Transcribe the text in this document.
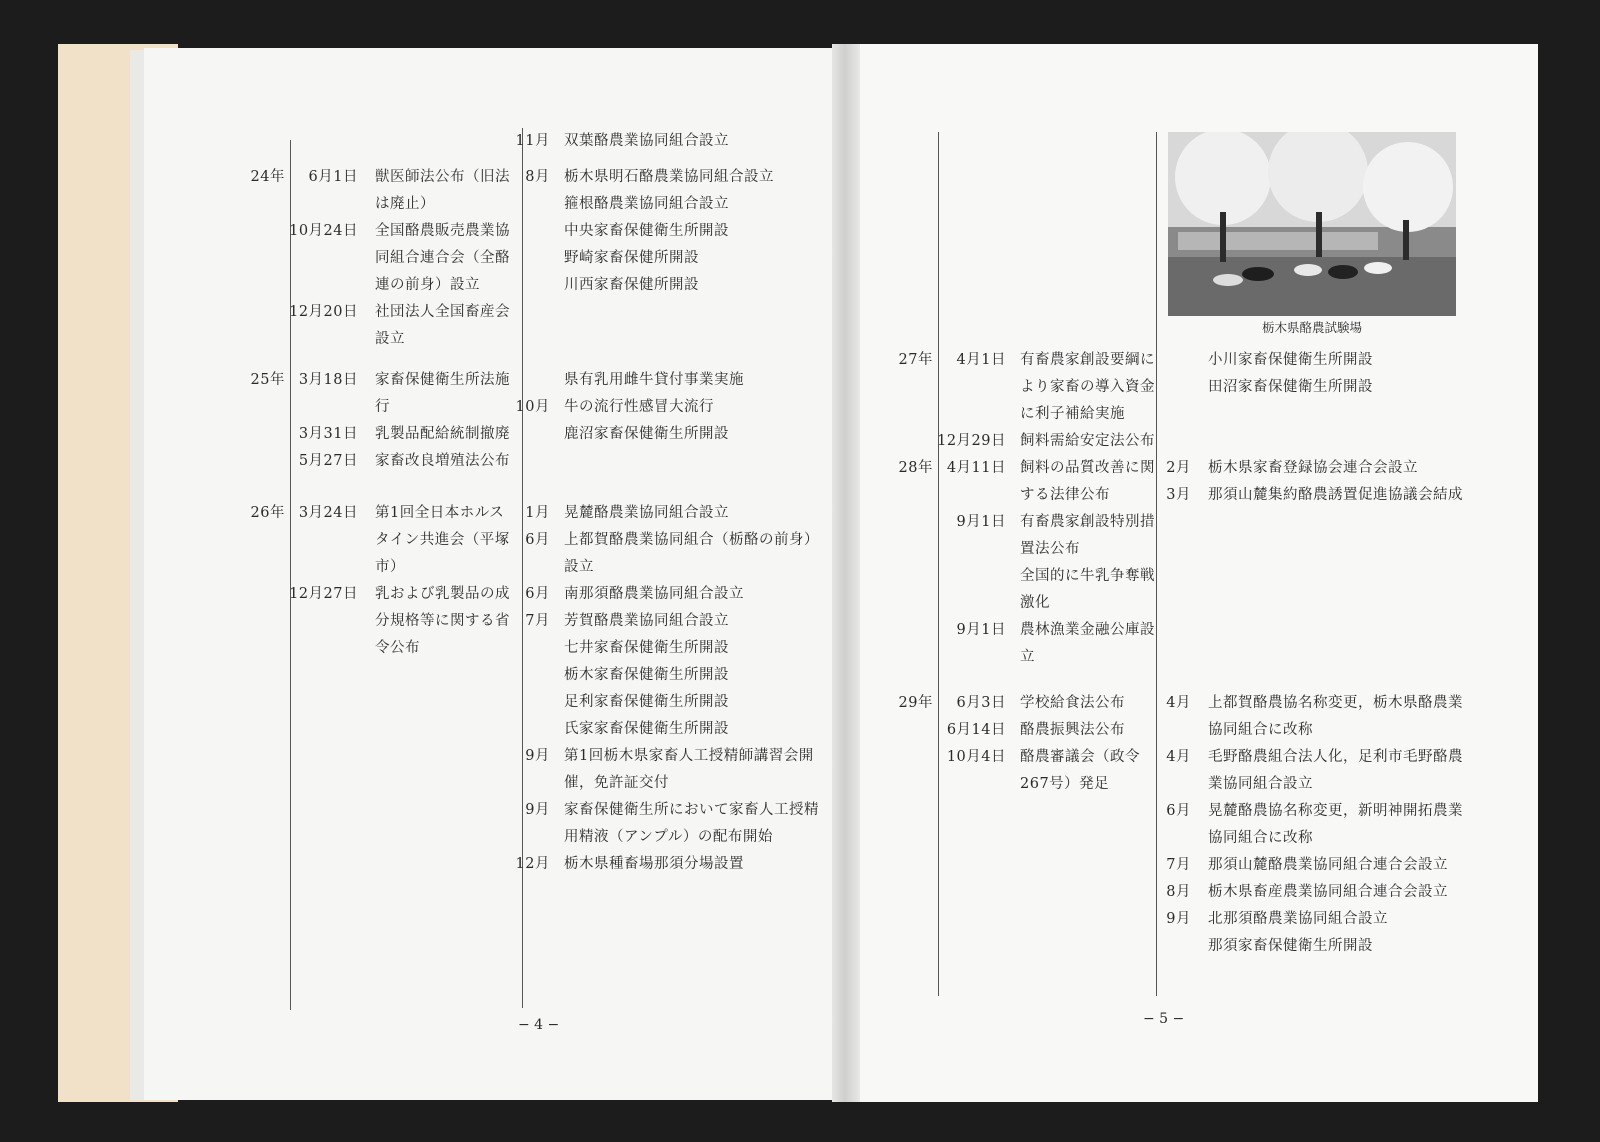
11月 双葉酪農業協同組合設立
24年 6月1日 獣医師法公布（旧法 8月 栃木県明石酪農業協同組合設立
は廃止）	箍根酪農業協同組合設立
10月24日 全国酪農販売農業協	中央家畜保健衛生所開設
同組合連合会（全酪	野崎家畜保健所開設
連の前身）設立	川西家畜保健所開設
12月20日 社団法人全国畜産会
設立
25年 3月18日 家畜保健衛生所法施	県有乳用雌牛貸付事業実施
行	10月 牛の流行性感冒大流行
3月31日 乳製品配給統制撤廃	鹿沼家畜保健衛生所開設
5月27日 家畜改良増殖法公布
26年 3月24日 第1回全日本ホルス 1月 晃麓酪農業協同組合設立
タイン共進会（平塚 6月 上都賀酪農業協同組合（栃酪の前身）
市）	設立
12月27日 乳および乳製品の成 6月 南那須酪農業協同組合設立
分規格等に関する省 7月 芳賀酪農業協同組合設立
令公布	七井家畜保健衛生所開設
栃木家畜保健衛生所開設
足利家畜保健衛生所開設
氏家家畜保健衛生所開設
9月 第1回栃木県家畜人工授精師講習会開
催，免許証交付
9月 家畜保健衛生所において家畜人工授精
用精液（アンプル）の配布開始
12月 栃木県種畜場那須分場設置
27年 4月1日 有畜農家創設要綱に	小川家畜保健衛生所開設
より家畜の導入資金	田沼家畜保健衛生所開設
に利子補給実施
12月29日 飼料需給安定法公布
28年 4月11日 飼料の品質改善に関 2月 栃木県家畜登録協会連合会設立
する法律公布	3月 那須山麓集約酪農誘置促進協議会結成
9月1日 有畜農家創設特別措
置法公布
全国的に牛乳争奪戦
激化
9月1日 農林漁業金融公庫設
立
29年 6月3日 学校給食法公布	4月 上都賀酪農協名称変更，栃木県酪農業
6月14日 酪農振興法公布	協同組合に改称
10月4日 酪農審議会（政令 4月 毛野酪農組合法人化，足利市毛野酪農
267号）発足	業協同組合設立
6月 晃麓酪農協名称変更，新明神開拓農業
協同組合に改称
7月 那須山麓酪農業協同組合連合会設立
8月 栃木県畜産農業協同組合連合会設立
9月 北那須酪農業協同組合設立
那須家畜保健衛生所開設
− 4 −	− 5 −
栃木県酪農試験場
